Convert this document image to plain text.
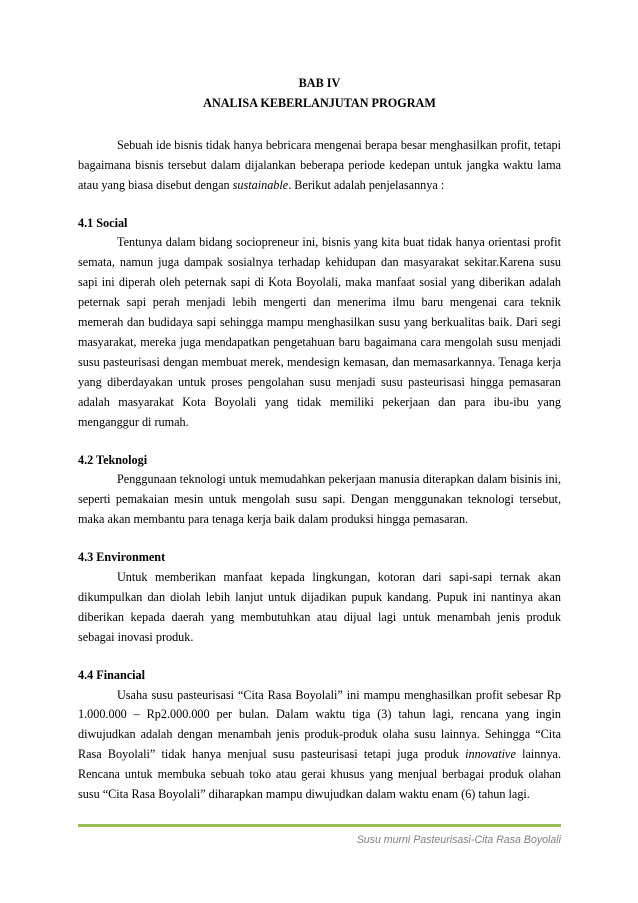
BAB IV

ANALISA KEBERLANJUTAN PROGRAM

Sebuah ide bisnis tidak hanya bebricara mengenai berapa besar menghasilkan profit, tetapi bagaimana bisnis tersebut dalam dijalankan beberapa periode kedepan untuk jangka waktu lama atau yang biasa disebut dengan sustainable. Berikut adalah penjelasannya :

4.1 Social

Tentunya dalam bidang sociopreneur ini, bisnis yang kita buat tidak hanya orientasi profit semata, namun juga dampak sosialnya terhadap kehidupan dan masyarakat sekitar.Karena susu sapi ini diperah oleh peternak sapi di Kota Boyolali, maka manfaat sosial yang diberikan adalah peternak sapi perah menjadi lebih mengerti dan menerima ilmu baru mengenai cara teknik memerah dan budidaya sapi sehingga mampu menghasilkan susu yang berkualitas baik. Dari segi masyarakat, mereka juga mendapatkan pengetahuan baru bagaimana cara mengolah susu menjadi susu pasteurisasi dengan membuat merek, mendesign kemasan, dan memasarkannya. Tenaga kerja yang diberdayakan untuk proses pengolahan susu menjadi susu pasteurisasi hingga pemasaran adalah masyarakat Kota Boyolali yang tidak memiliki pekerjaan dan para ibu-ibu yang menganggur di rumah.

4.2 Teknologi

Penggunaan teknologi untuk memudahkan pekerjaan manusia diterapkan dalam bisinis ini, seperti pemakaian mesin untuk mengolah susu sapi. Dengan menggunakan teknologi tersebut, maka akan membantu para tenaga kerja baik dalam produksi hingga pemasaran.

4.3 Environment

Untuk memberikan manfaat kepada lingkungan, kotoran dari sapi-sapi ternak akan dikumpulkan dan diolah lebih lanjut untuk dijadikan pupuk kandang. Pupuk ini nantinya akan diberikan kepada daerah yang membutuhkan atau dijual lagi untuk menambah jenis produk sebagai inovasi produk.

4.4 Financial

Usaha susu pasteurisasi “Cita Rasa Boyolali” ini mampu menghasilkan profit sebesar Rp 1.000.000 – Rp2.000.000 per bulan. Dalam waktu tiga (3) tahun lagi, rencana yang ingin diwujudkan adalah dengan menambah jenis produk-produk olaha susu lainnya. Sehingga “Cita Rasa Boyolali” tidak hanya menjual susu pasteurisasi tetapi juga produk innovative lainnya. Rencana untuk membuka sebuah toko atau gerai khusus yang menjual berbagai produk olahan susu “Cita Rasa Boyolali” diharapkan mampu diwujudkan dalam waktu enam (6) tahun lagi.

Susu murni Pasteurisasi-Cita Rasa Boyolali
